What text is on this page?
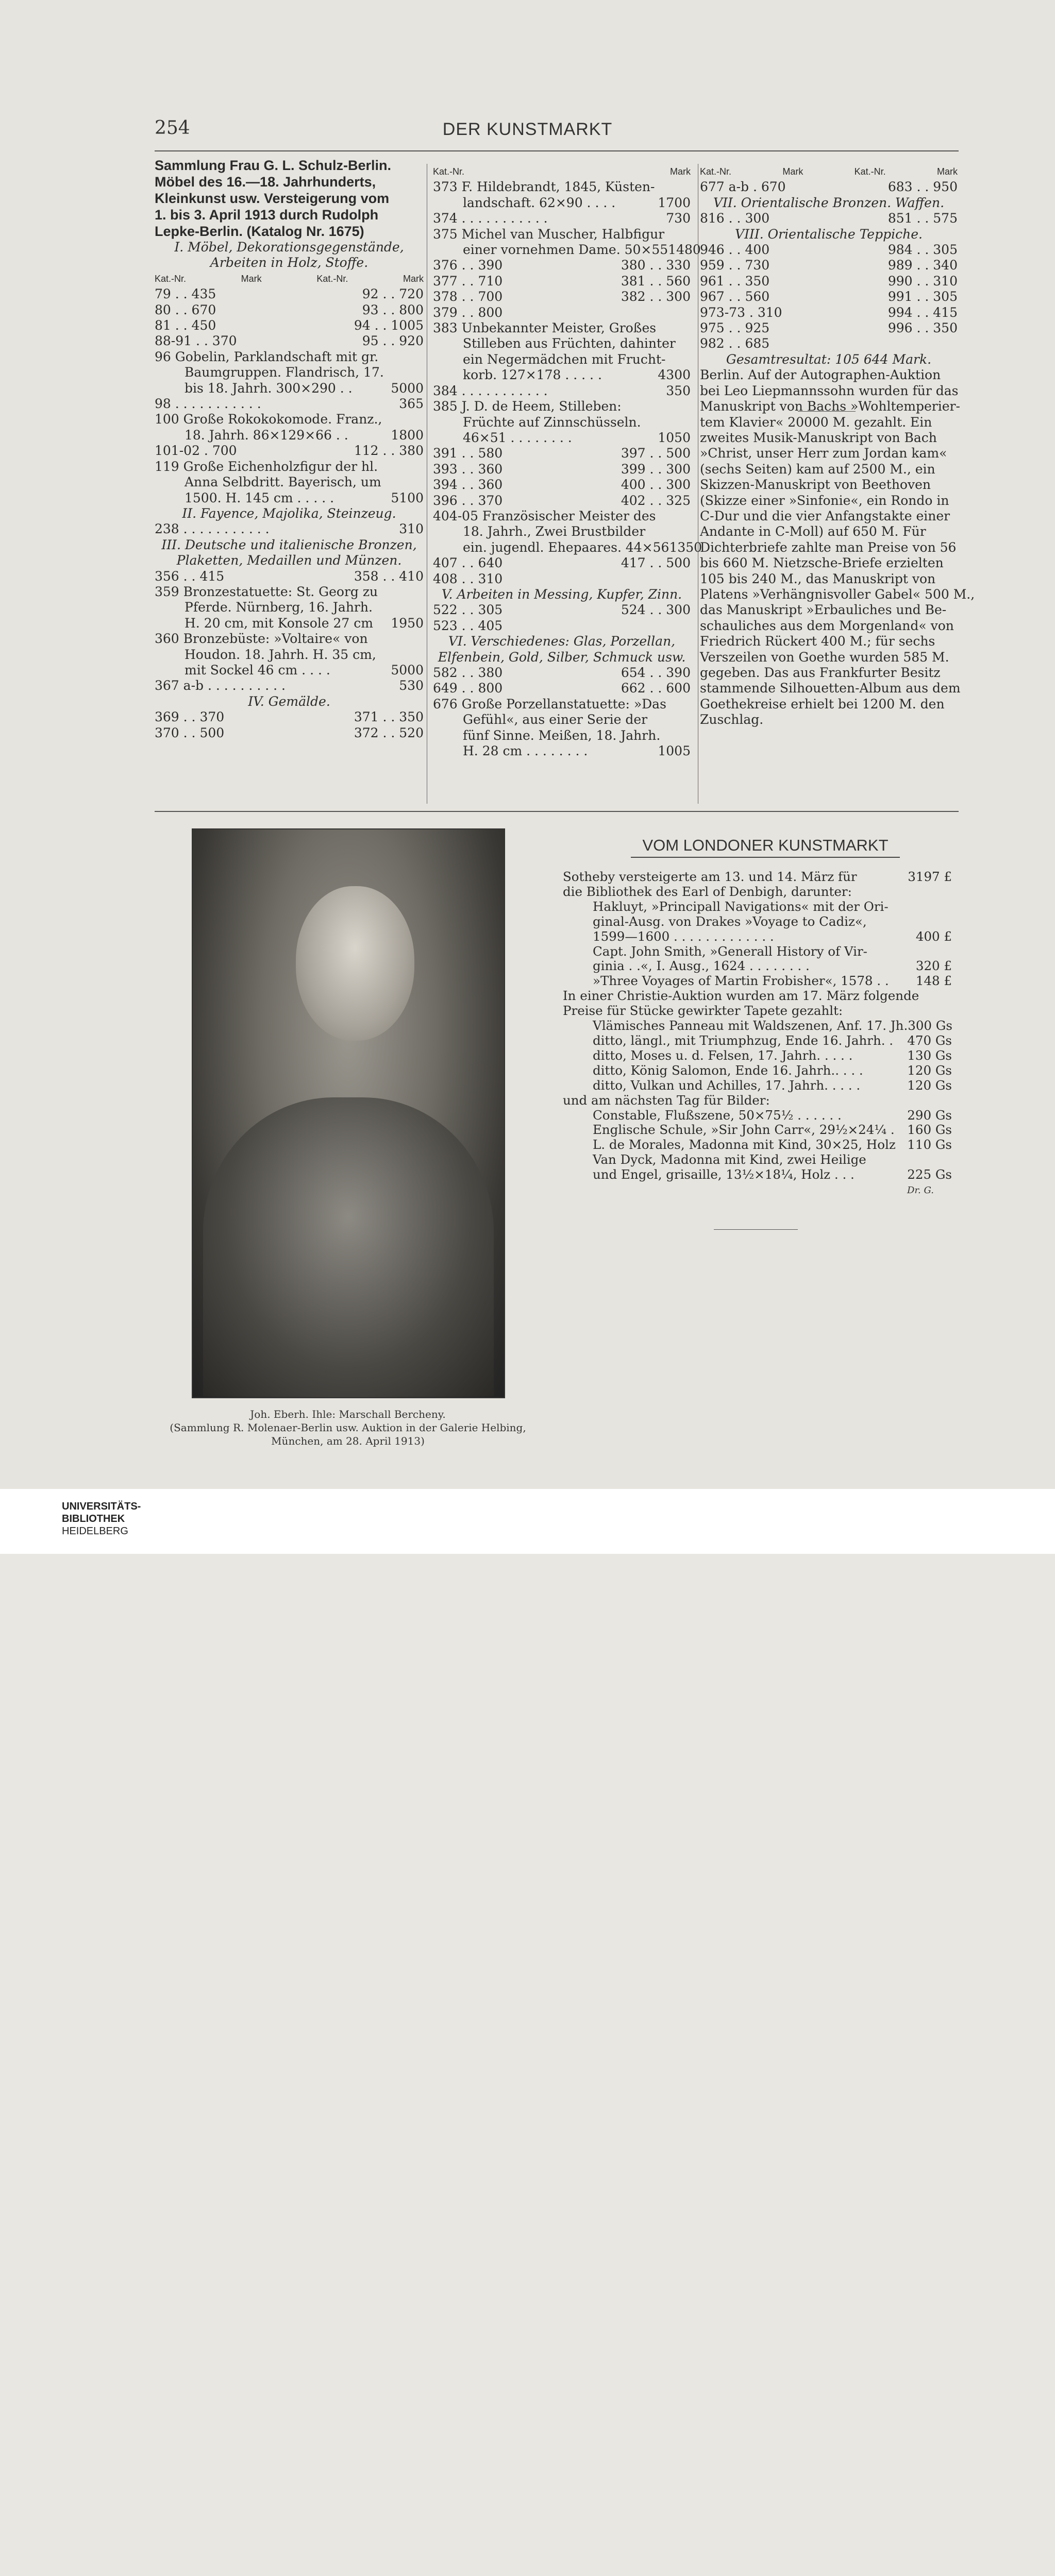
254	DER KUNSTMARKT
Sammlung Frau G. L. Schulz-Berlin.
Möbel des 16.—18. Jahrhunderts,
Kleinkunst usw. Versteigerung vom
1. bis 3. April 1913 durch Rudolph
Lepke-Berlin. (Katalog Nr. 1675)
I. Möbel, Dekorationsgegenstände,
Arbeiten in Holz, Stoffe.
Kat.-Nr.	Mark	Kat.-Nr.	Mark
79 . . 435	92 . . 720
80 . . 670	93 . . 800
81 . . 450	94 . . 1005
88-91 . . 370	95 . . 920
96 Gobelin, Parklandschaft mit gr.
Baumgruppen. Flandrisch, 17.
bis 18. Jahrh. 300×290 . .	5000
98 . . . . . . . . . . .	365
100 Große Rokokokomode. Franz.,
18. Jahrh. 86×129×66 . .	1800
101-02 . 700	112 . . 380
119 Große Eichenholzfigur der hl.
Anna Selbdritt. Bayerisch, um
1500. H. 145 cm . . . . .	5100
II. Fayence, Majolika, Steinzeug.
238 . . . . . . . . . . .	310
III. Deutsche und italienische Bronzen,
Plaketten, Medaillen und Münzen.
356 . . 415	358 . . 410
359 Bronzestatuette: St. Georg zu
Pferde. Nürnberg, 16. Jahrh.
H. 20 cm, mit Konsole 27 cm 1950
360 Bronzebüste: »Voltaire« von
Houdon. 18. Jahrh. H. 35 cm,
mit Sockel 46 cm . . . .	5000
367 a-b . . . . . . . . . .	530
IV. Gemälde.
369 . . 370	371 . . 350
370 . . 500	372 . . 520
Kat.-Nr.	Mark
373 F. Hildebrandt, 1845, Küsten-
landschaft. 62×90 . . . .	1700
374 . . . . . . . . . . .	730
375 Michel van Muscher, Halbfigur
einer vornehmen Dame. 50×55 1480
376 . . 390	380 . . 330
377 . . 710	381 . . 560
378 . . 700	382 . . 300
379 . . 800
383 Unbekannter Meister, Großes
Stilleben aus Früchten, dahinter
ein Negermädchen mit Frucht-
korb. 127×178 . . . . .	4300
384 . . . . . . . . . . .	350
385 J. D. de Heem, Stilleben:
Früchte auf Zinnschüsseln.
46×51 . . . . . . . .	1050
391 . . 580	397 . . 500
393 . . 360	399 . . 300
394 . . 360	400 . . 300
396 . . 370	402 . . 325
404-05 Französischer Meister des
18. Jahrh., Zwei Brustbilder
ein. jugendl. Ehepaares. 44×56 1350
407 . . 640	417 . . 500
408 . . 310
V. Arbeiten in Messing, Kupfer, Zinn.
522 . . 305	524 . . 300
523 . . 405
VI. Verschiedenes: Glas, Porzellan,
Elfenbein, Gold, Silber, Schmuck usw.
582 . . 380	654 . . 390
649 . . 800	662 . . 600
676 Große Porzellanstatuette: »Das
Gefühl«, aus einer Serie der
fünf Sinne. Meißen, 18. Jahrh.
H. 28 cm . . . . . . . .	1005
Kat.-Nr.	Mark	Kat.-Nr.	Mark
677 a-b . 670	683 . . 950
VII. Orientalische Bronzen. Waffen.
816 . . 300	851 . . 575
VIII. Orientalische Teppiche.
946 . . 400	984 . . 305
959 . . 730	989 . . 340
961 . . 350	990 . . 310
967 . . 560	991 . . 305
973-73 . 310	994 . . 415
975 . . 925	996 . . 350
982 . . 685
Gesamtresultat: 105 644 Mark.
Berlin. Auf der Autographen-Auktion
bei Leo Liepmannssohn wurden für das
Manuskript von Bachs »Wohltemperier-
tem Klavier« 20000 M. gezahlt. Ein
zweites Musik-Manuskript von Bach
»Christ, unser Herr zum Jordan kam«
(sechs Seiten) kam auf 2500 M., ein
Skizzen-Manuskript von Beethoven
(Skizze einer »Sinfonie«, ein Rondo in
C-Dur und die vier Anfangstakte einer
Andante in C-Moll) auf 650 M. Für
Dichterbriefe zahlte man Preise von 56
bis 660 M. Nietzsche-Briefe erzielten
105 bis 240 M., das Manuskript von
Platens »Verhängnisvoller Gabel« 500 M.,
das Manuskript »Erbauliches und Be-
schauliches aus dem Morgenland« von
Friedrich Rückert 400 M.; für sechs
Verszeilen von Goethe wurden 585 M.
gegeben. Das aus Frankfurter Besitz
stammende Silhouetten-Album aus dem
Goethekreise erhielt bei 1200 M. den
Zuschlag.
Joh. Eberh. Ihle: Marschall Bercheny.
(Sammlung R. Molenaer-Berlin usw. Auktion in der Galerie Helbing,
München, am 28. April 1913)
VOM LONDONER KUNSTMARKT
Sotheby versteigerte am 13. und 14. März für	3197 £
die Bibliothek des Earl of Denbigh, darunter:
Hakluyt, »Principall Navigations« mit der Ori-
ginal-Ausg. von Drakes »Voyage to Cadiz«,
1599—1600 . . . . . . . . . . . . .	400 £
Capt. John Smith, »Generall History of Vir-
ginia . .«, I. Ausg., 1624 . . . . . . . .	320 £
»Three Voyages of Martin Frobisher«, 1578 . . 148 £
In einer Christie-Auktion wurden am 17. März folgende
Preise für Stücke gewirkter Tapete gezahlt:
Vlämisches Panneau mit Waldszenen, Anf. 17. Jh. 300 Gs
ditto, längl., mit Triumphzug, Ende 16. Jahrh. . 470 Gs
ditto, Moses u. d. Felsen, 17. Jahrh. . . . .	130 Gs
ditto, König Salomon, Ende 16. Jahrh.. . . .	120 Gs
ditto, Vulkan und Achilles, 17. Jahrh. . . . .	120 Gs
und am nächsten Tag für Bilder:
Constable, Flußszene, 50×75½ . . . . . .	290 Gs
Englische Schule, »Sir John Carr«, 29½×24¼ . 160 Gs
L. de Morales, Madonna mit Kind, 30×25, Holz 110 Gs
Van Dyck, Madonna mit Kind, zwei Heilige
und Engel, grisaille, 13½×18¼, Holz . . .	225 Gs
Dr. G.
UNIVERSITÄTS-
BIBLIOTHEK
HEIDELBERG
